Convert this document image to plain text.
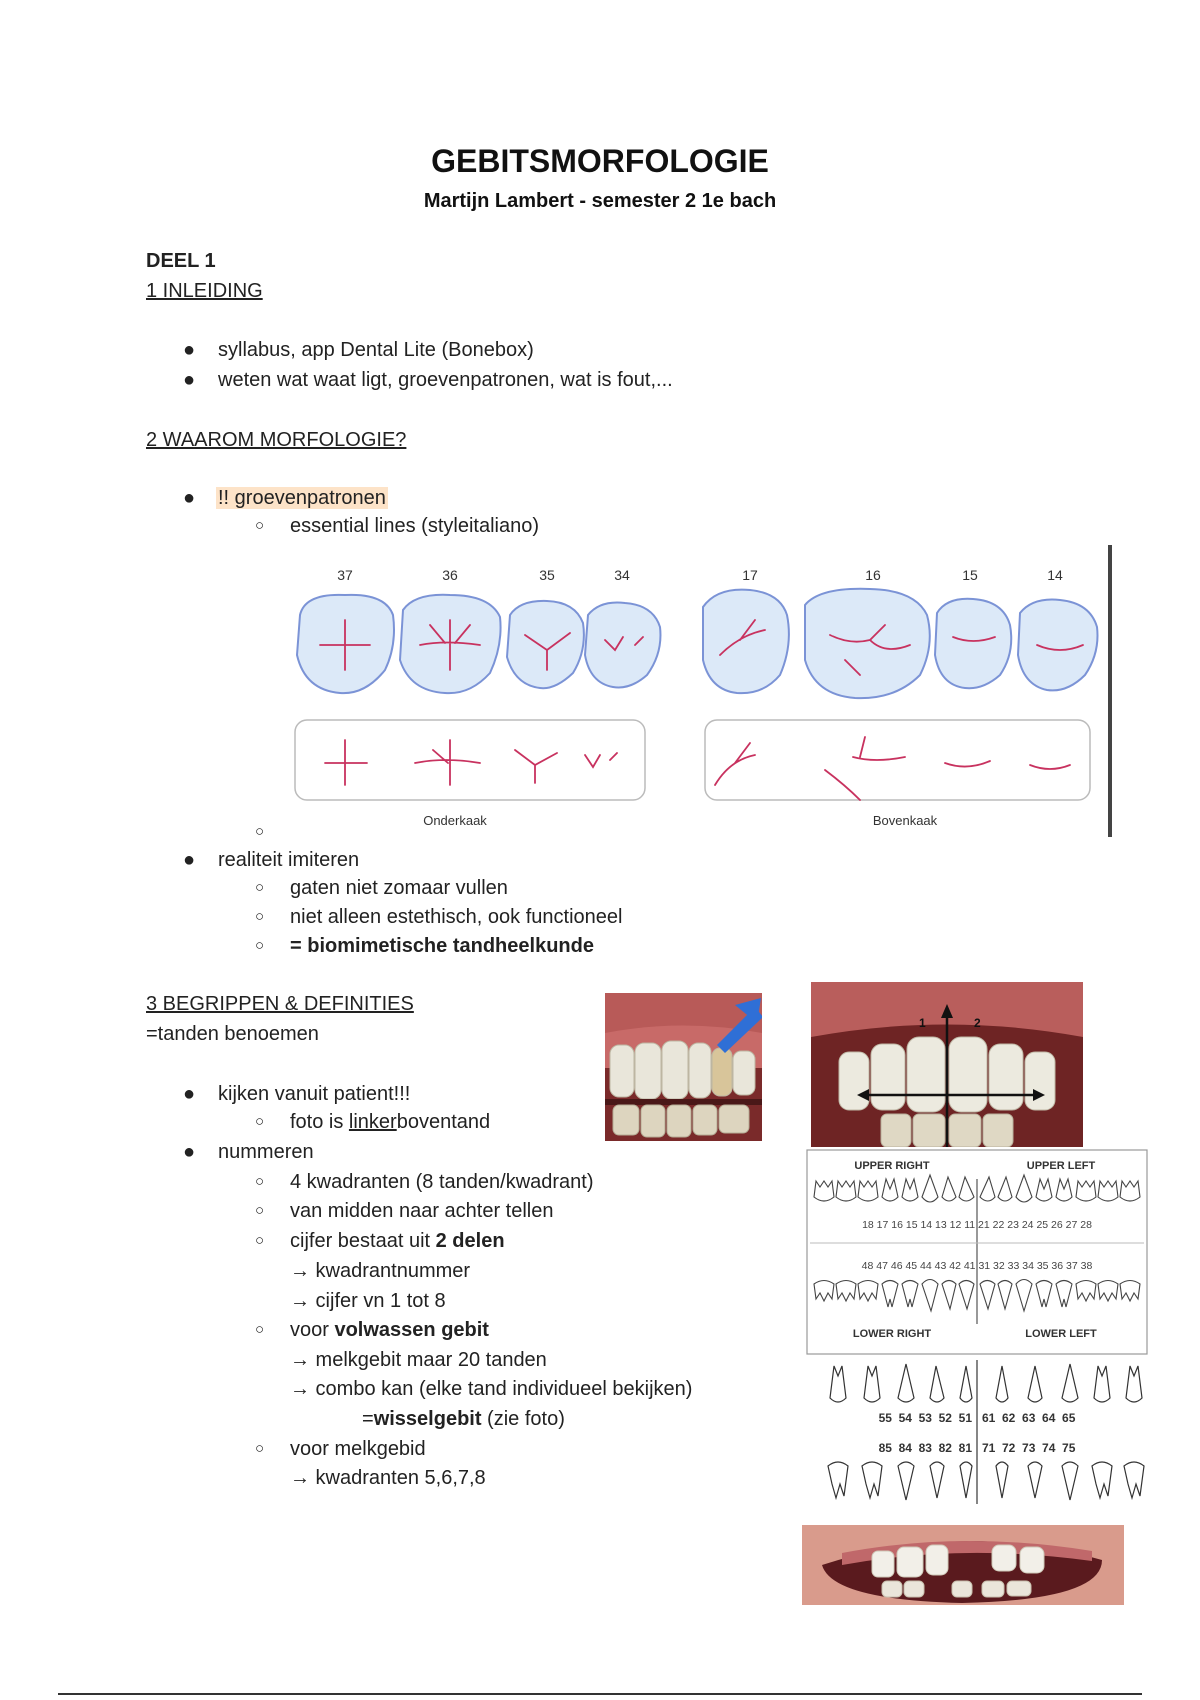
GEBITSMORFOLOGIE
Martijn Lambert - semester 2 1e bach
DEEL 1
1 INLEIDING
● syllabus, app Dental Lite (Bonebox)
● weten wat waat ligt, groevenpatronen, wat is fout,...
2 WAAROM MORFOLOGIE?
● !! groevenpatronen
○ essential lines (styleitaliano)
37	36	35	34	17	16	15	14
Onderkaak	Bovenkaak
○
● realiteit imiteren
○ gaten niet zomaar vullen
○ niet alleen estethisch, ook functioneel
○ = biomimetische tandheelkunde
3 BEGRIPPEN & DEFINITIES
=tanden benoemen
● kijken vanuit patient!!!
○ foto is linkerboventand
● nummeren
○ 4 kwadranten (8 tanden/kwadrant)
○ van midden naar achter tellen
○ cijfer bestaat uit 2 delen
→ kwadrantnummer
→ cijfer vn 1 tot 8
○ voor volwassen gebit
→ melkgebit maar 20 tanden
→ combo kan (elke tand individueel bekijken)
=wisselgebit (zie foto)
○ voor melkgebid
→ kwadranten 5,6,7,8
1	2
UPPER RIGHT	UPPER LEFT
18 17 16 15 14 13 12 11 21 22 23 24 25 26 27 28
48 47 46 45 44 43 42 41 31 32 33 34 35 36 37 38
LOWER RIGHT	LOWER LEFT
55  54  53  52  51   61  62  63  64  65
85  84  83  82  81   71  72  73  74  75
